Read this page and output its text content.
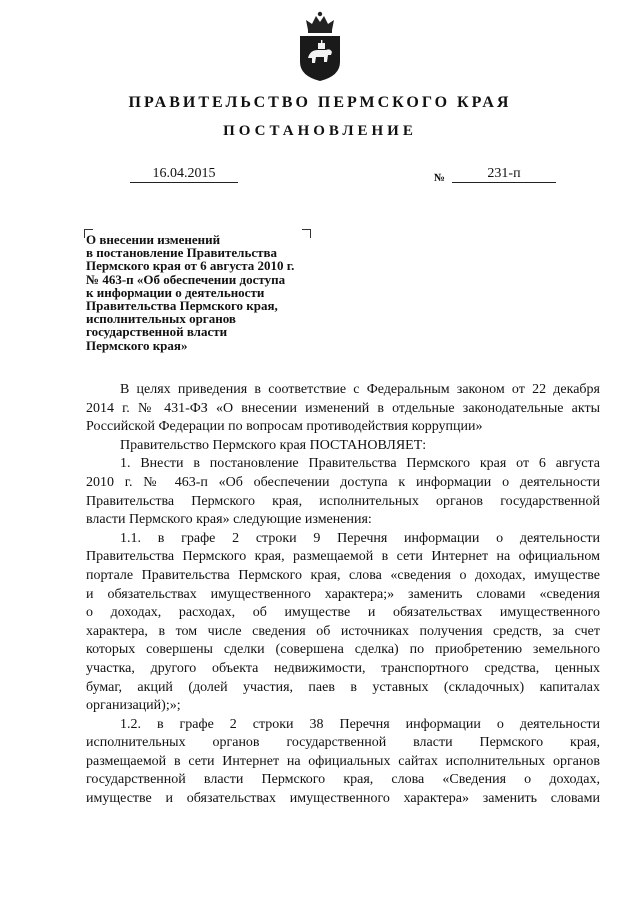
ПРАВИТЕЛЬСТВО ПЕРМСКОГО КРАЯ
ПОСТАНОВЛЕНИЕ
16.04.2015	№	231-п
О внесении изменений
в постановление Правительства
Пермского края от 6 августа 2010 г.
№ 463-п «Об обеспечении доступа
к информации о деятельности
Правительства Пермского края,
исполнительных органов
государственной власти
Пермского края»

В целях приведения в соответствие с Федеральным законом от 22 декабря

2014 г. № 431-ФЗ «О внесении изменений в отдельные законодательные акты

Российской Федерации по вопросам противодействия коррупции»

Правительство Пермского края ПОСТАНОВЛЯЕТ:

1. Внести в постановление Правительства Пермского края от 6 августа

2010 г. № 463-п «Об обеспечении доступа к информации о деятельности

Правительства Пермского края, исполнительных органов государственной

власти Пермского края» следующие изменения:

1.1. в графе 2 строки 9 Перечня информации о деятельности

Правительства Пермского края, размещаемой в сети Интернет на официальном

портале Правительства Пермского края, слова «сведения о доходах, имуществе

и обязательствах имущественного характера;» заменить словами «сведения

о доходах, расходах, об имуществе и обязательствах имущественного

характера, в том числе сведения об источниках получения средств, за счет

которых совершены сделки (совершена сделка) по приобретению земельного

участка, другого объекта недвижимости, транспортного средства, ценных

бумаг, акций (долей участия, паев в уставных (складочных) капиталах

организаций);»;

1.2. в графе 2 строки 38 Перечня информации о деятельности

исполнительных органов государственной власти Пермского края,

размещаемой в сети Интернет на официальных сайтах исполнительных органов

государственной власти Пермского края, слова «Сведения о доходах,

имуществе и обязательствах имущественного характера» заменить словами
